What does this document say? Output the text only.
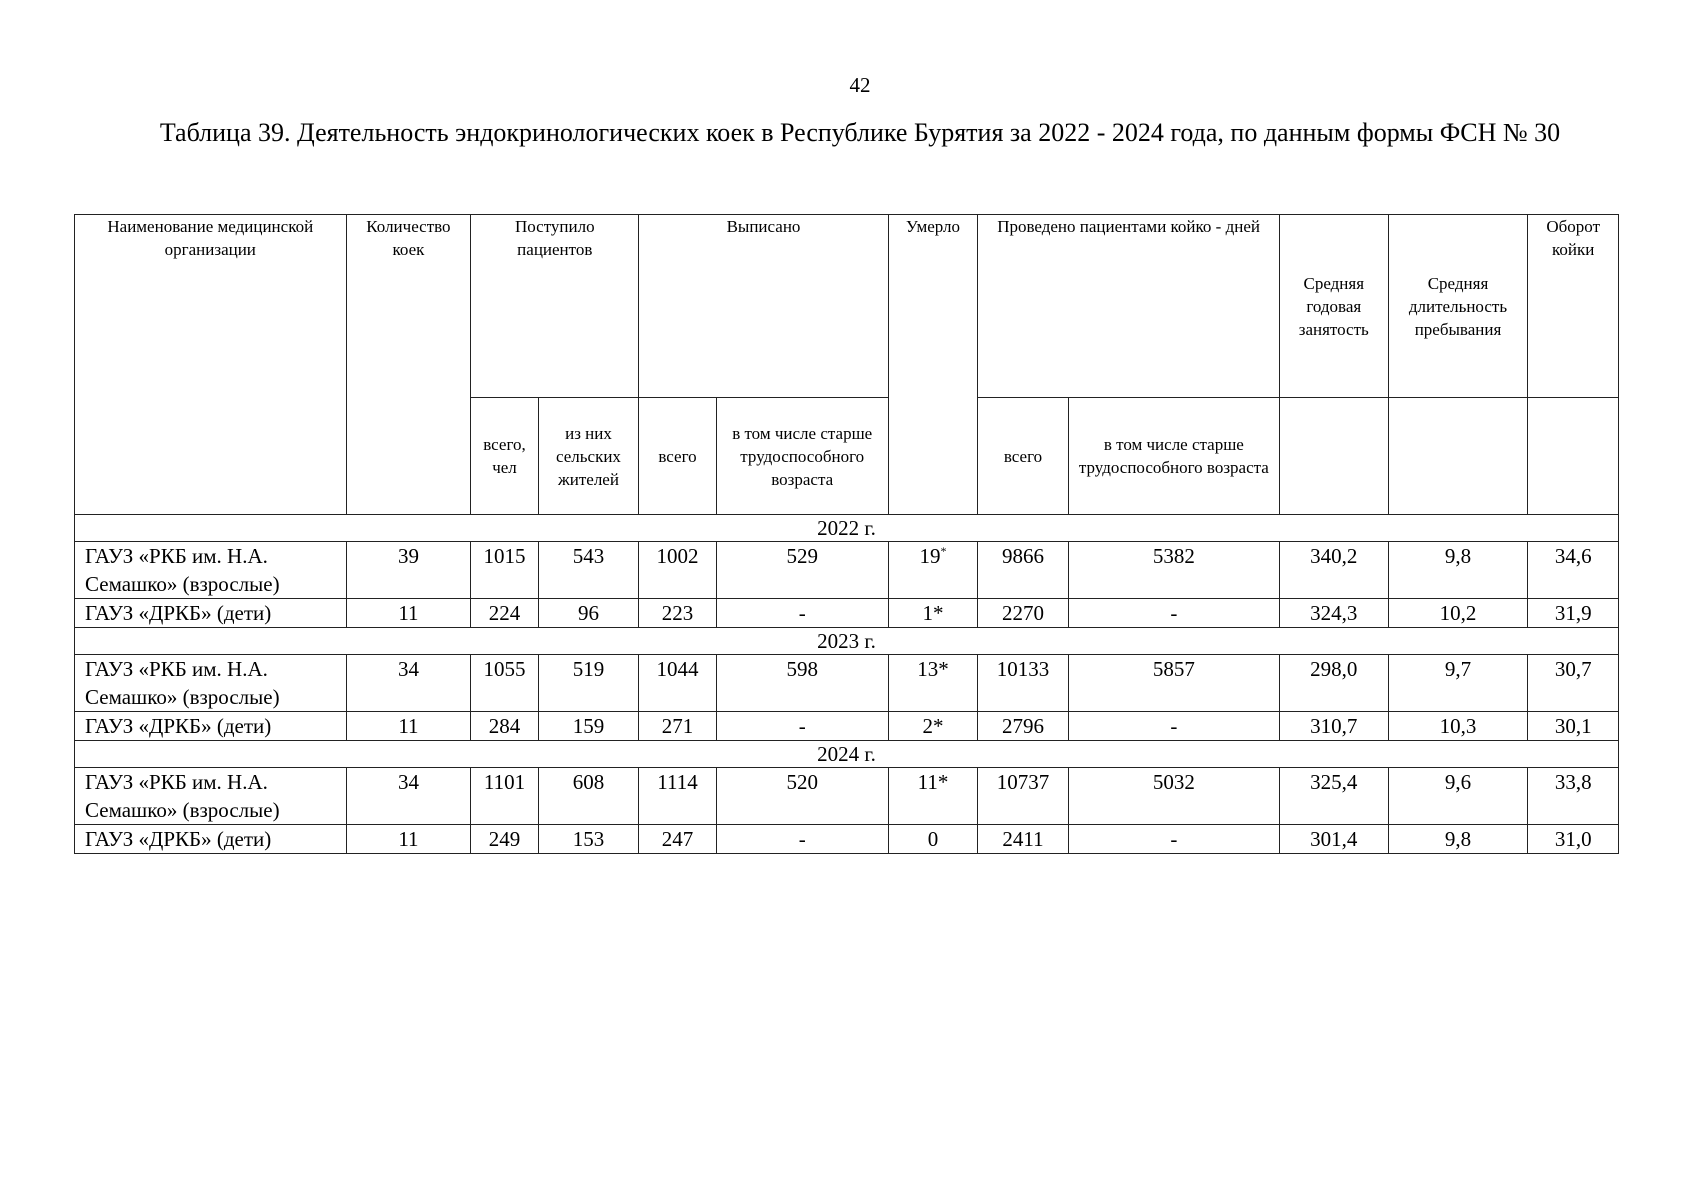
42
Таблица 39. Деятельность эндокринологических коек в Республике Бурятия за 2022 - 2024 года, по данным формы ФСН № 30
Наименование медицинской организации	Количество коек	Поступило пациентов		Выписано		Умерло	Проведено пациентами койко - дней		Средняя годовая занятость	Средняя длительность пребывания	Оборот койки
		всего, чел	из них сельских жителей	всего	в том числе старше трудоспособного возраста		всего	в том числе старше трудоспособного возраста			
2022 г.											
ГАУЗ «РКБ им. Н.А. Семашко» (взрослые)	39	1015	543	1002	529	19*	9866	5382	340,2	9,8	34,6
ГАУЗ «ДРКБ» (дети)	11	224	96	223	-	1*	2270	-	324,3	10,2	31,9
2023 г.											
ГАУЗ «РКБ им. Н.А. Семашко» (взрослые)	34	1055	519	1044	598	13*	10133	5857	298,0	9,7	30,7
ГАУЗ «ДРКБ» (дети)	11	284	159	271	-	2*	2796	-	310,7	10,3	30,1
2024 г.											
ГАУЗ «РКБ им. Н.А. Семашко» (взрослые)	34	1101	608	1114	520	11*	10737	5032	325,4	9,6	33,8
ГАУЗ «ДРКБ» (дети)	11	249	153	247	-	0	2411	-	301,4	9,8	31,0
